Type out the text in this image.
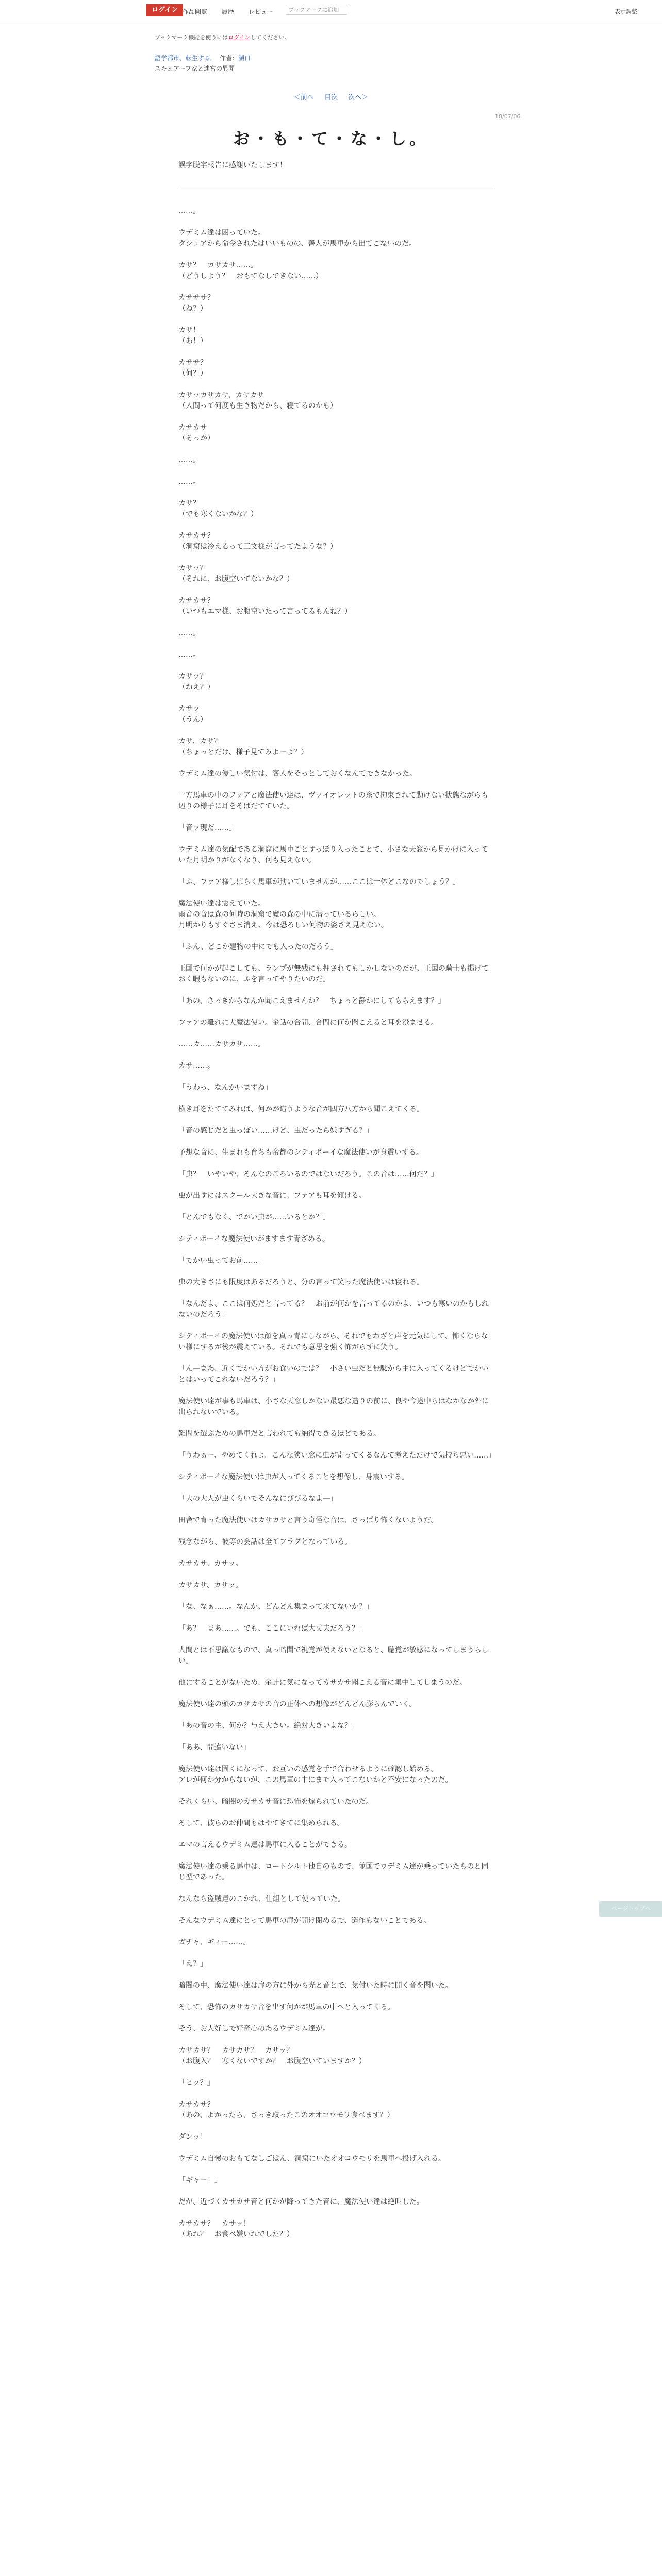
ログイン 作品閲覧 履歴 レビュー	ブックマークに追加	表示調整
ブックマーク機能を使うにはログインしてください。
語学都市、転生する。　作者：瀬口
スキュアーフ家と迷宮の異聞
＜前へ 目次 次へ＞
18/07/06
お・も・て・な・し。
誤字脱字報告に感謝いたします！

……。

ウデミム達は困っていた。
タシュアから命令されたはいいものの、善人が馬車から出てこないのだ。

カサ？　カサカサ……。
（どうしよう？　おもてなしできない……）

カサササ？
（ね？）

カサ！
（あ！）

カササ？
（何？）

カサッカサカサ、カサカサ
（人間って何度も生き物だから、寝てるのかも）

カサカサ
（そっか）

……。

……。

カサ？
（でも寒くないかな？）

カサカサ？
（洞窟は冷えるって三文様が言ってたような？）

カサッ？
（それに、お腹空いてないかな？）

カサカサ？
（いつもエマ様、お腹空いたって言ってるもんね？）

……。

……。

カサッ？
（ねえ？）

カサッ
（うん）

カサ、カサ？
（ちょっとだけ、様子見てみよーよ？）

ウデミム達の優しい気付は、客人をそっとしておくなんてできなかった。

一方馬車の中のファアと魔法使い達は、ヴァイオレットの糸で拘束されて動けない状態ながらも辺りの様子に耳をそばだてていた。

「音ッ現だ……」

ウデミム達の気配である洞窟に馬車ごとすっぽり入ったことで、小さな天窓から見かけに入っていた月明かりがなくなり、何も見えない。

「ふ、ファア様しばらく馬車が動いていませんが……ここは一体どこなのでしょう？」

魔法使い達は震えていた。
雨音の音は森の何時の洞窟で魔の森の中に潜っているらしい。
月明かりもすぐさま消え、今は恐ろしい何物の姿さえ見えない。

「ふん、どこか建物の中にでも入ったのだろう」

王国で何かが起こしても、ランプが無残にも押されてもしかしないのだが、王国の騎士も掲げておく暇もないのに、ふを言ってやりたいのだ。

「あの、さっきからなんか聞こえませんか？　ちょっと静かにしてもらえます？」

ファアの離れに大魔法使い。金話の合間、合間に何か聞こえると耳を澄ませる。

……カ……カサカサ……。

カサ……。

「うわっ、なんかいますね」

横き耳をたててみれば、何かが這うような音が四方八方から聞こえてくる。

「音の感じだと虫っぽい……けど、虫だったら嫌すぎる？」

予想な音に、生まれも育ちも帝都のシティボーイな魔法使いが身震いする。

「虫？　いやいや、そんなのごろいるのではないだろう。この音は……何だ？」

虫が出すにはスクール大きな音に、ファアも耳を傾ける。

「とんでもなく、でかい虫が……いるとか？」

シティボーイな魔法使いがますます青ざめる。

「でかい虫ってお前……」

虫の大きさにも限度はあるだろうと、分の言って笑った魔法使いは寝れる。

「なんだよ、ここは何処だと言ってる？　お前が何かを言ってるのかよ、いつも寒いのかもしれないのだろう」

シティボーイの魔法使いは顔を真っ青にしながら、それでもわざと声を元気にして、怖くならない様にするが後が震えている。それでも意思を強く怖がらずに笑う。

「ん―まあ、近くでかい方がお食いのでは？　小さい虫だと無駄から中に入ってくるけどでかいとはいってこれないだろう？」

魔法使い達が事も馬車は、小さな天窓しかない最悪な造りの前に、良や今途中らはなかなか外に出られないでいる。

難問を選ぶための馬車だと言われても納得できるほどである。

「うわぁー、やめてくれよ。こんな狭い窓に虫が寄ってくるなんて考えただけで気持ち悪い……」

シティボーイな魔法使いは虫が入ってくることを想像し、身震いする。

「大の大人が虫くらいでそんなにびびるなよ―」

田舎で育った魔法使いはカサカサと言う奇怪な音は、さっぱり怖くないようだ。

残念ながら、彼等の会話は全てフラグとなっている。

カサカサ、カサッ。

カサカサ、カサッ。

「な、なぁ……。なんか、どんどん集まって来てないか？」

「あ？　まあ……。でも、ここにいれば大丈夫だろう？」

人間とは不思議なもので、真っ暗闇で視覚が使えないとなると、聴覚が敏感になってしまうらしい。

他にすることがないため、余計に気になってカサカサ聞こえる音に集中してしまうのだ。

魔法使い達の頭のカサカサの音の正体への想像がどんどん膨らんでいく。

「あの音の主、何か？与え大きい。絶対大きいよな？」

「ああ、間違いない」

魔法使い達は固くになって、お互いの感覚を手で合わせるように確認し始める。
アレが何か分からないが、この馬車の中にまで入ってこないかと不安になったのだ。

それくらい、暗闇のカサカサ音に恐怖を煽られていたのだ。

そして、彼らのお仲間もはやてきてに集められる。

エマの言えるウデミム達は馬車に入ることができる。

魔法使い達の乗る馬車は、ロートシルト他自のもので、並国でウデミム達が乗っていたものと同じ型であった。

なんなら盗賊達のこかれ、仕組として使っていた。

そんなウデミム達にとって馬車の扉が開け閉めるで、造作もないことである。

ガチャ、ギィー……。

「え？」

暗闇の中、魔法使い達は扉の方に外から光と音とで、気付いた時に開く音を聞いた。

そして、恐怖のカサカサ音を出す何かが馬車の中へと入ってくる。

そう、お人好しで好奇心のあるウデミム達が。

カサカサ？　カサカサ？　カサッ？
（お腹入？　寒くないですか？　お腹空いていますか？）

「ヒッ？」

カサカサ？
（あの、よかったら、さっき取ったこのオオコウモリ食べます？）

ダンッ！

ウデミム自慢のおもてなしごはん、洞窟にいたオオコウモリを馬車へ投げ入れる。

「ギャー！」

だが、近づくカサカサ音と何かが降ってきた音に、魔法使い達は絶叫した。

カサカサ？　カサッ！
（あれ？　お食べ嫌いれでした？）

ページトップへ
